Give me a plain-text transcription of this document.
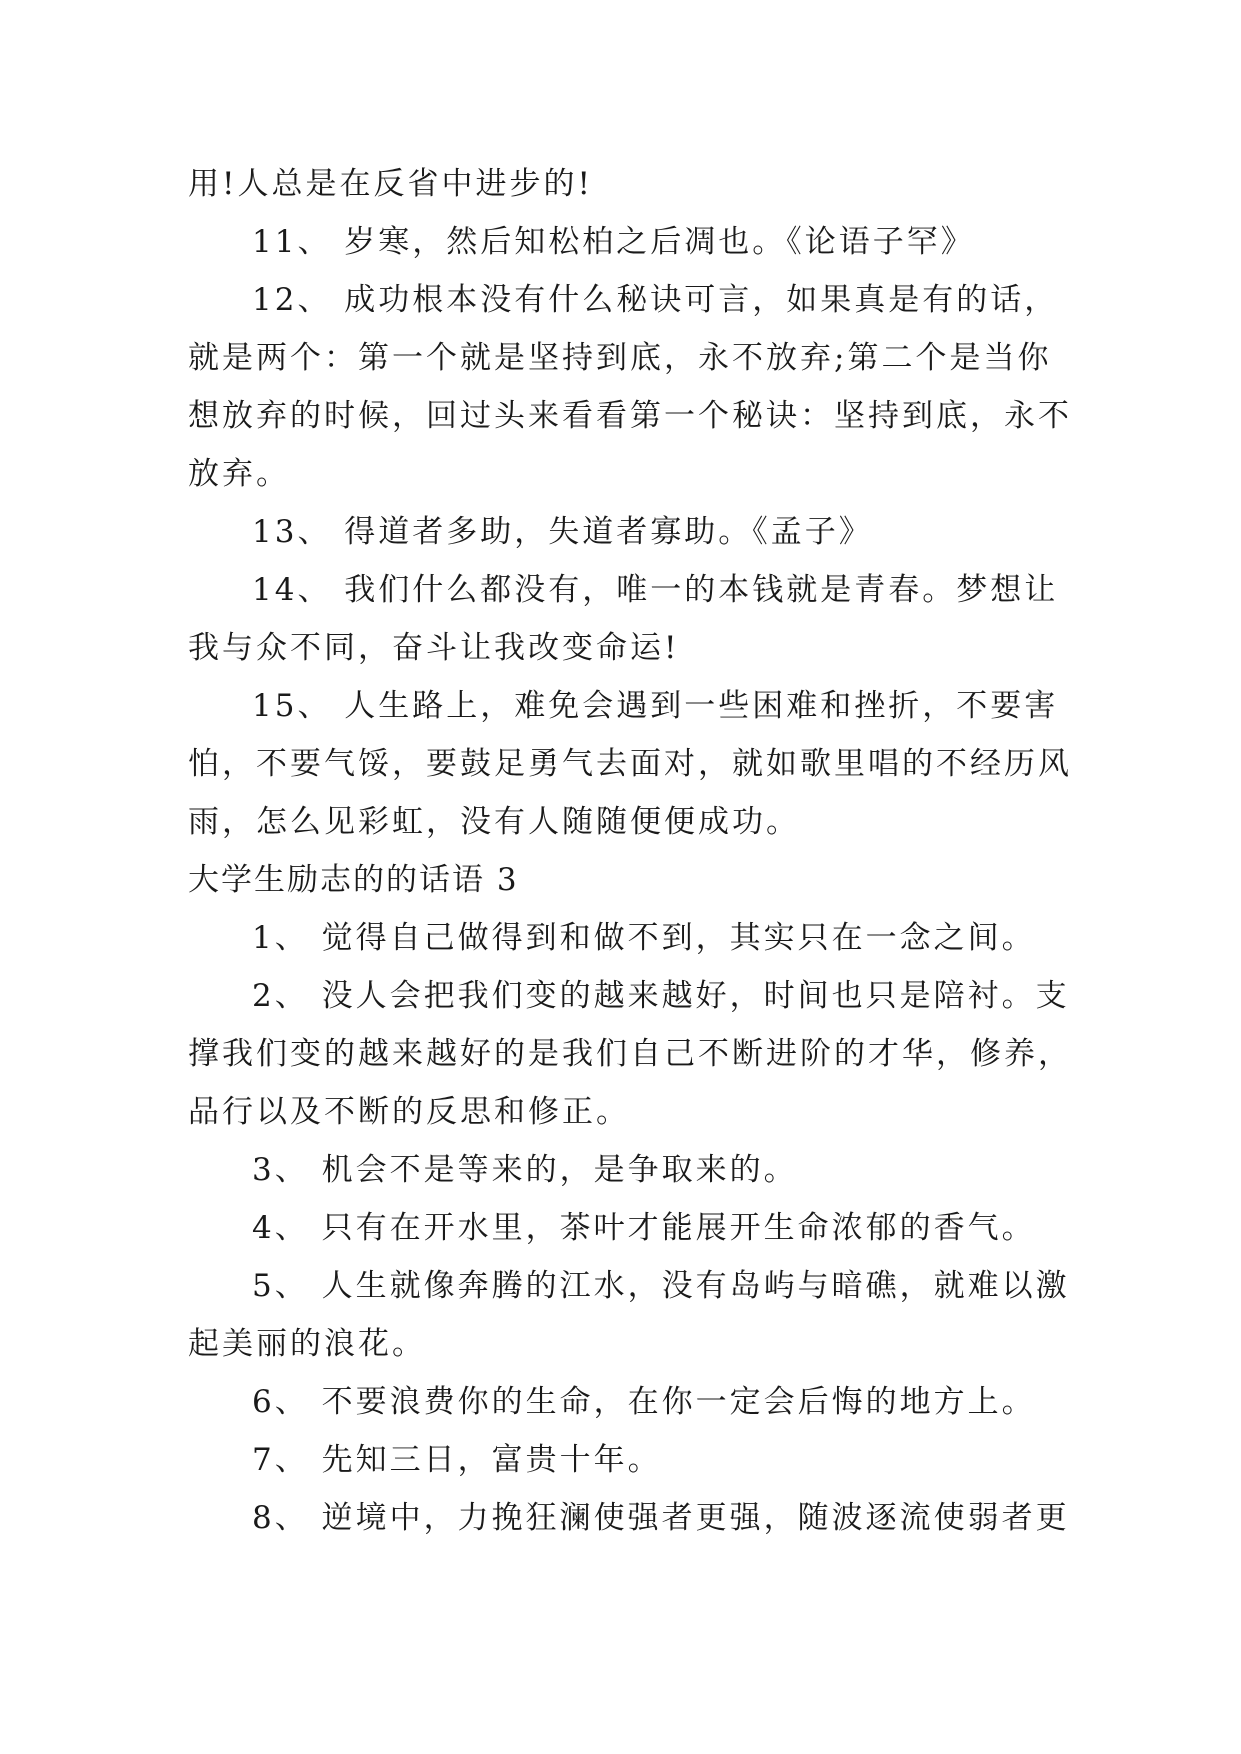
用!人总是在反省中进步的!
11、 岁寒，然后知松柏之后凋也。《论语子罕》
12、 成功根本没有什么秘诀可言，如果真是有的话，
就是两个：第一个就是坚持到底，永不放弃;第二个是当你
想放弃的时候，回过头来看看第一个秘诀：坚持到底，永不
放弃。
13、 得道者多助，失道者寡助。《孟子》
14、 我们什么都没有，唯一的本钱就是青春。梦想让
我与众不同，奋斗让我改变命运!
15、 人生路上，难免会遇到一些困难和挫折，不要害
怕，不要气馁，要鼓足勇气去面对，就如歌里唱的不经历风
雨，怎么见彩虹，没有人随随便便成功。
大学生励志的的话语 3
1、 觉得自己做得到和做不到，其实只在一念之间。
2、 没人会把我们变的越来越好，时间也只是陪衬。支
撑我们变的越来越好的是我们自己不断进阶的才华，修养，
品行以及不断的反思和修正。
3、 机会不是等来的，是争取来的。
4、 只有在开水里，茶叶才能展开生命浓郁的香气。
5、 人生就像奔腾的江水，没有岛屿与暗礁，就难以激
起美丽的浪花。
6、 不要浪费你的生命，在你一定会后悔的地方上。
7、 先知三日，富贵十年。
8、 逆境中，力挽狂澜使强者更强，随波逐流使弱者更
